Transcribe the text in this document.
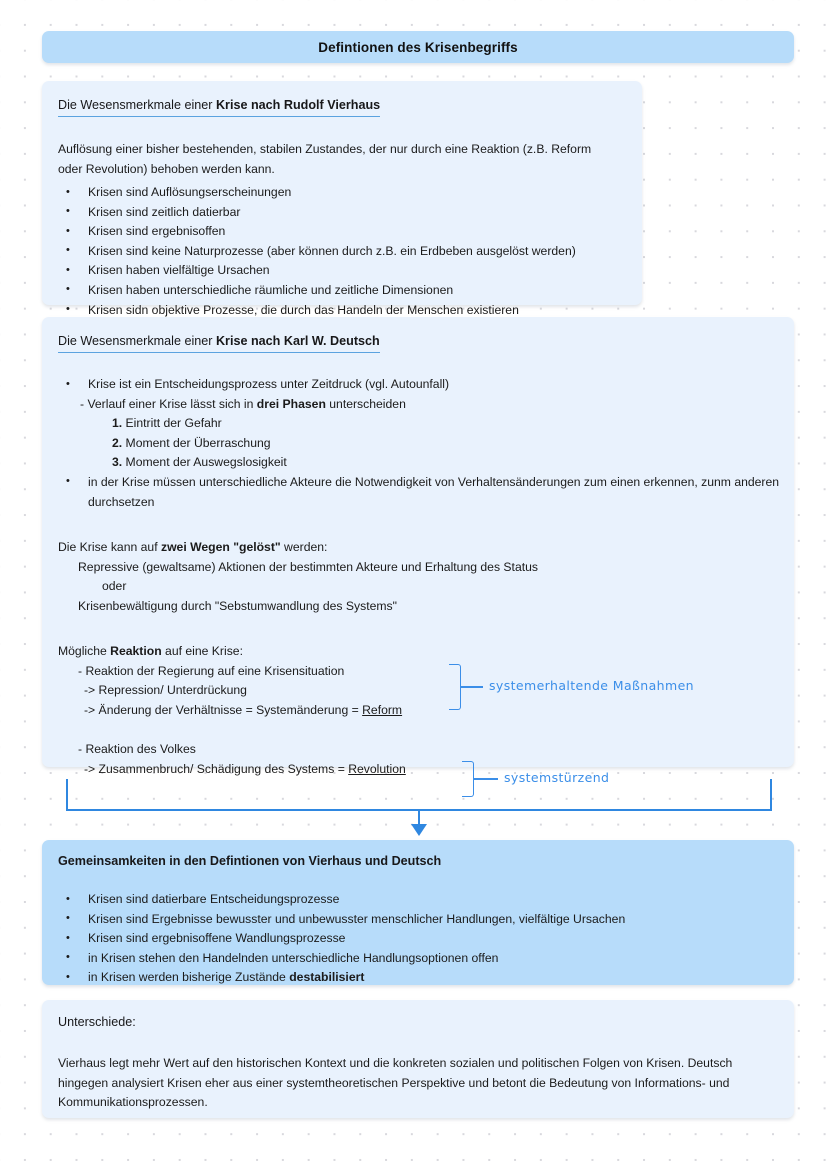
Defintionen des Krisenbegriffs
Die Wesensmerkmale einer Krise nach Rudolf Vierhaus
Auflösung einer bisher bestehenden, stabilen Zustandes, der nur durch eine Reaktion (z.B. Reform oder Revolution) behoben werden kann.
• Krisen sind Auflösungserscheinungen
• Krisen sind zeitlich datierbar
• Krisen sind ergebnisoffen
• Krisen sind keine Naturprozesse (aber können durch z.B. ein Erdbeben ausgelöst werden)
• Krisen haben vielfältige Ursachen
• Krisen haben unterschiedliche räumliche und zeitliche Dimensionen
• Krisen sidn objektive Prozesse, die durch das Handeln der Menschen existieren
Die Wesensmerkmale einer Krise nach Karl W. Deutsch
• Krise ist ein Entscheidungsprozess unter Zeitdruck (vgl. Autounfall)
- Verlauf einer Krise lässt sich in drei Phasen unterscheiden
1. Eintritt der Gefahr
2. Moment der Überraschung
3. Moment der Auswegslosigkeit
• in der Krise müssen unterschiedliche Akteure die Notwendigkeit von Verhaltensänderungen zum einen erkennen, zunm anderen durchsetzen
Die Krise kann auf zwei Wegen "gelöst" werden:
Repressive (gewaltsame) Aktionen der bestimmten Akteure und Erhaltung des Status
oder
Krisenbewältigung durch "Sebstumwandlung des Systems"
Mögliche Reaktion auf eine Krise:
- Reaktion der Regierung auf eine Krisensituation
-> Repression/ Unterdrückung
-> Änderung der Verhältnisse = Systemänderung = Reform
systemerhaltende Maßnahmen
- Reaktion des Volkes
-> Zusammenbruch/ Schädigung des Systems = Revolution
systemstürzend
Gemeinsamkeiten in den Defintionen von Vierhaus und Deutsch
• Krisen sind datierbare Entscheidungsprozesse
• Krisen sind Ergebnisse bewusster und unbewusster menschlicher Handlungen, vielfältige Ursachen
• Krisen sind ergebnisoffene Wandlungsprozesse
• in Krisen stehen den Handelnden unterschiedliche Handlungsoptionen offen
• in Krisen werden bisherige Zustände destabilisiert
Unterschiede:
Vierhaus legt mehr Wert auf den historischen Kontext und die konkreten sozialen und politischen Folgen von Krisen. Deutsch hingegen analysiert Krisen eher aus einer systemtheoretischen Perspektive und betont die Bedeutung von Informations- und Kommunikationsprozessen.
